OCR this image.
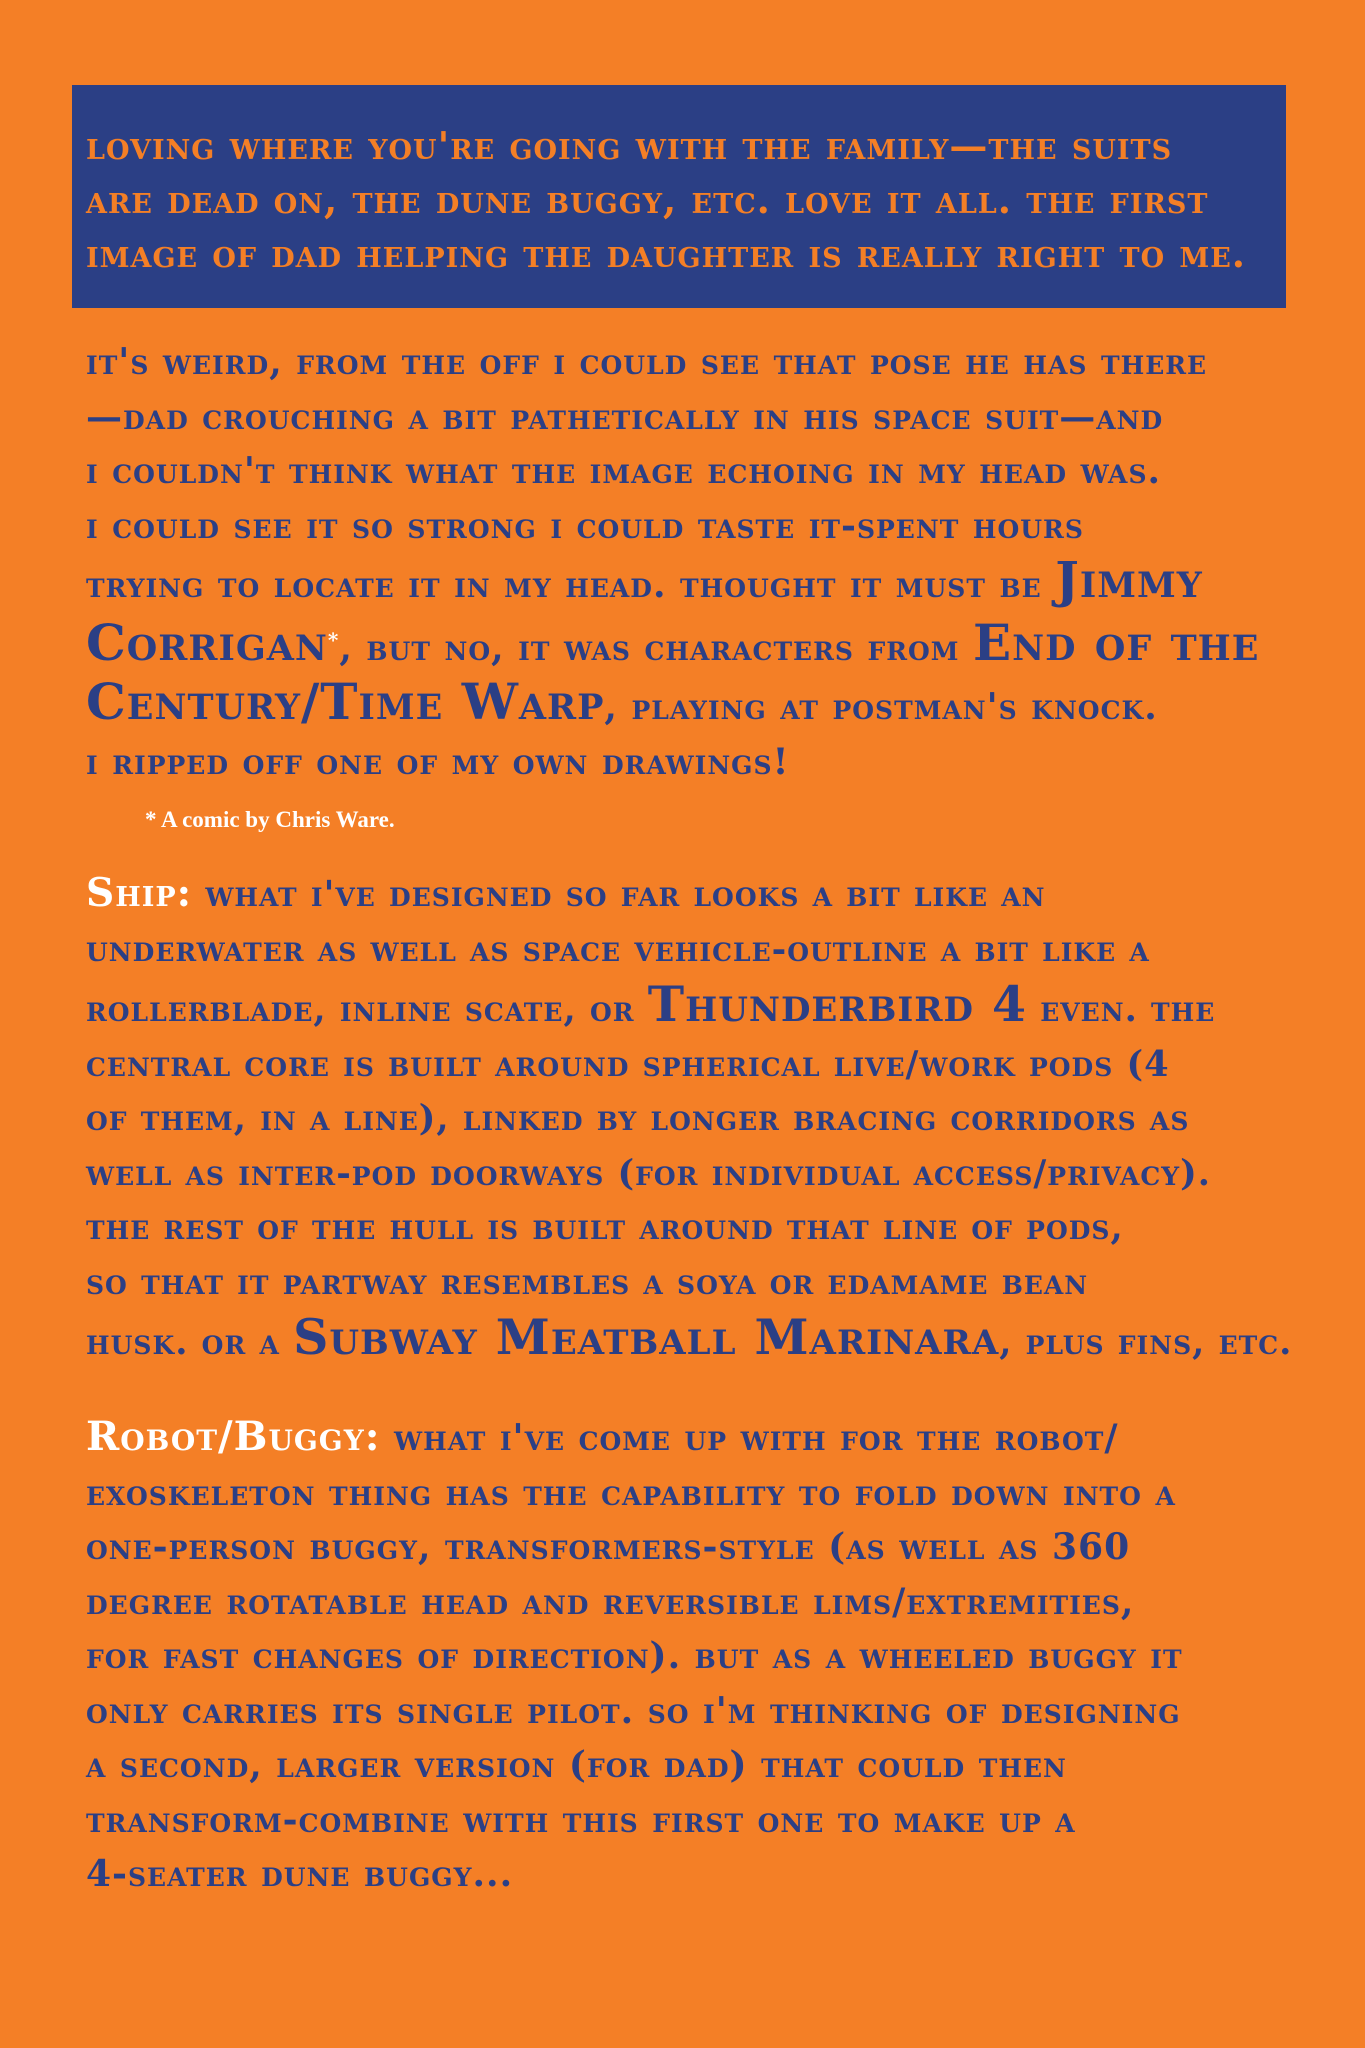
loving where you're going with the family—the suits
are dead on, the dune buggy, etc. love it all. the first
image of dad helping the daughter is really right to me.
it's weird, from the off i could see that pose he has there
—dad crouching a bit pathetically in his space suit—and
i couldn't think what the image echoing in my head was.
i could see it so strong i could taste it-spent hours
trying to locate it in my head. thought it must be Jimmy
Corrigan*, but no, it was characters from End of the
Century/Time Warp, playing at postman's knock.
i ripped off one of my own drawings!
* A comic by Chris Ware.
Ship: what i've designed so far looks a bit like an
underwater as well as space vehicle-outline a bit like a
rollerblade, inline scate, or Thunderbird 4 even. the
central core is built around spherical live/work pods (4
of them, in a line), linked by longer bracing corridors as
well as inter-pod doorways (for individual access/privacy).
the rest of the hull is built around that line of pods,
so that it partway resembles a soya or edamame bean
husk. or a Subway Meatball Marinara, plus fins, etc.
Robot/Buggy: what i've come up with for the robot/
exoskeleton thing has the capability to fold down into a
one-person buggy, transformers-style (as well as 360
degree rotatable head and reversible lims/extremities,
for fast changes of direction). but as a wheeled buggy it
only carries its single pilot. so i'm thinking of designing
a second, larger version (for dad) that could then
transform-combine with this first one to make up a
4-seater dune buggy...
